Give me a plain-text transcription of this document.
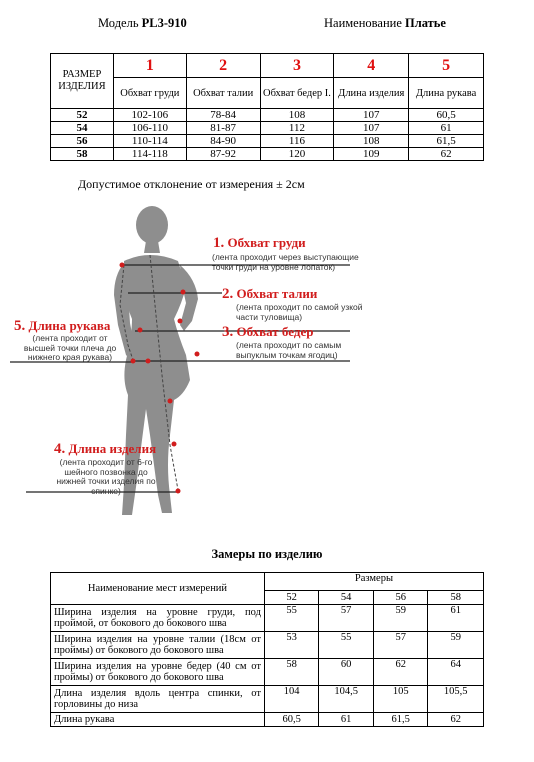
Модель PL3-910	Наименование Платье
РАЗМЕР ИЗДЕЛИЯ	1	2	3	4	5
	Обхват груди	Обхват талии	Обхват бедер I.	Длина изделия	Длина рукава
52	102-106	78-84	108	107	60,5
54	106-110	81-87	112	107	61
56	110-114	84-90	116	108	61,5
58	114-118	87-92	120	109	62
Допустимое отклонение от измерения ± 2см
1. Обхват груди
(лента проходит через выступающие точки груди на уровне лопаток)
2. Обхват талии
(лента проходит по самой узкой части туловища)
3. Обхват бедер
(лента проходит по самым выпуклым точкам ягодиц)
5. Длина рукава
(лента проходит от высшей точки плеча до нижнего края рукава)
4. Длина изделия
(лента проходит от 6-го шейного позвонка до нижней точки изделия по спинке)
Замеры по изделию
Наименование мест измерений	Размеры			
	52	54	56	58
Ширина изделия на уровне груди, под проймой, от бокового до бокового шва	55	57	59	61
Ширина изделия на уровне талии (18см от проймы) от бокового до бокового шва	53	55	57	59
Ширина изделия на уровне бедер (40 см от проймы) от бокового до бокового шва	58	60	62	64
Длина изделия вдоль центра спинки, от горловины до низа	104	104,5	105	105,5
Длина рукава	60,5	61	61,5	62
